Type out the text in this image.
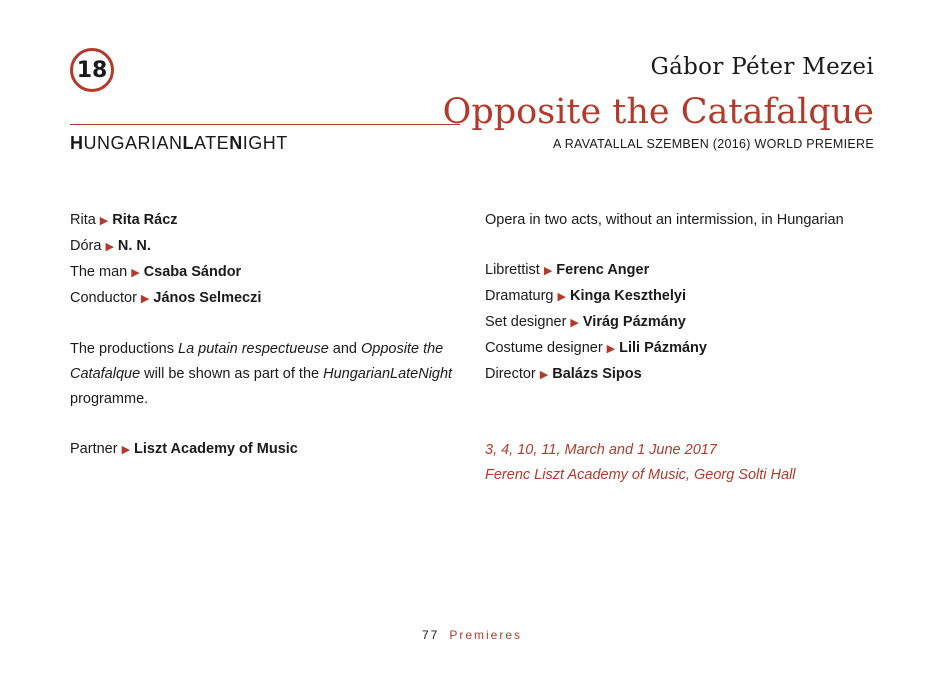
18	Gábor Péter Mezei
Opposite the Catafalque
HUNGARIANLATENIGHT	A RAVATALLAL SZEMBEN (2016) WORLD PREMIERE
Rita ▶ Rita Rácz
Dóra ▶ N. N.
The man ▶ Csaba Sándor
Conductor ▶ János Selmeczi
The productions La putain respectueuse and Opposite the Catafalque will be shown as part of the HungarianLateNight programme.
Partner ▶ Liszt Academy of Music
Opera in two acts, without an intermission, in Hungarian
Librettist ▶ Ferenc Anger
Dramaturg ▶ Kinga Keszthelyi
Set designer ▶ Virág Pázmány
Costume designer ▶ Lili Pázmány
Director ▶ Balázs Sipos
3, 4, 10, 11, March and 1 June 2017
Ferenc Liszt Academy of Music, Georg Solti Hall
77 Premieres
